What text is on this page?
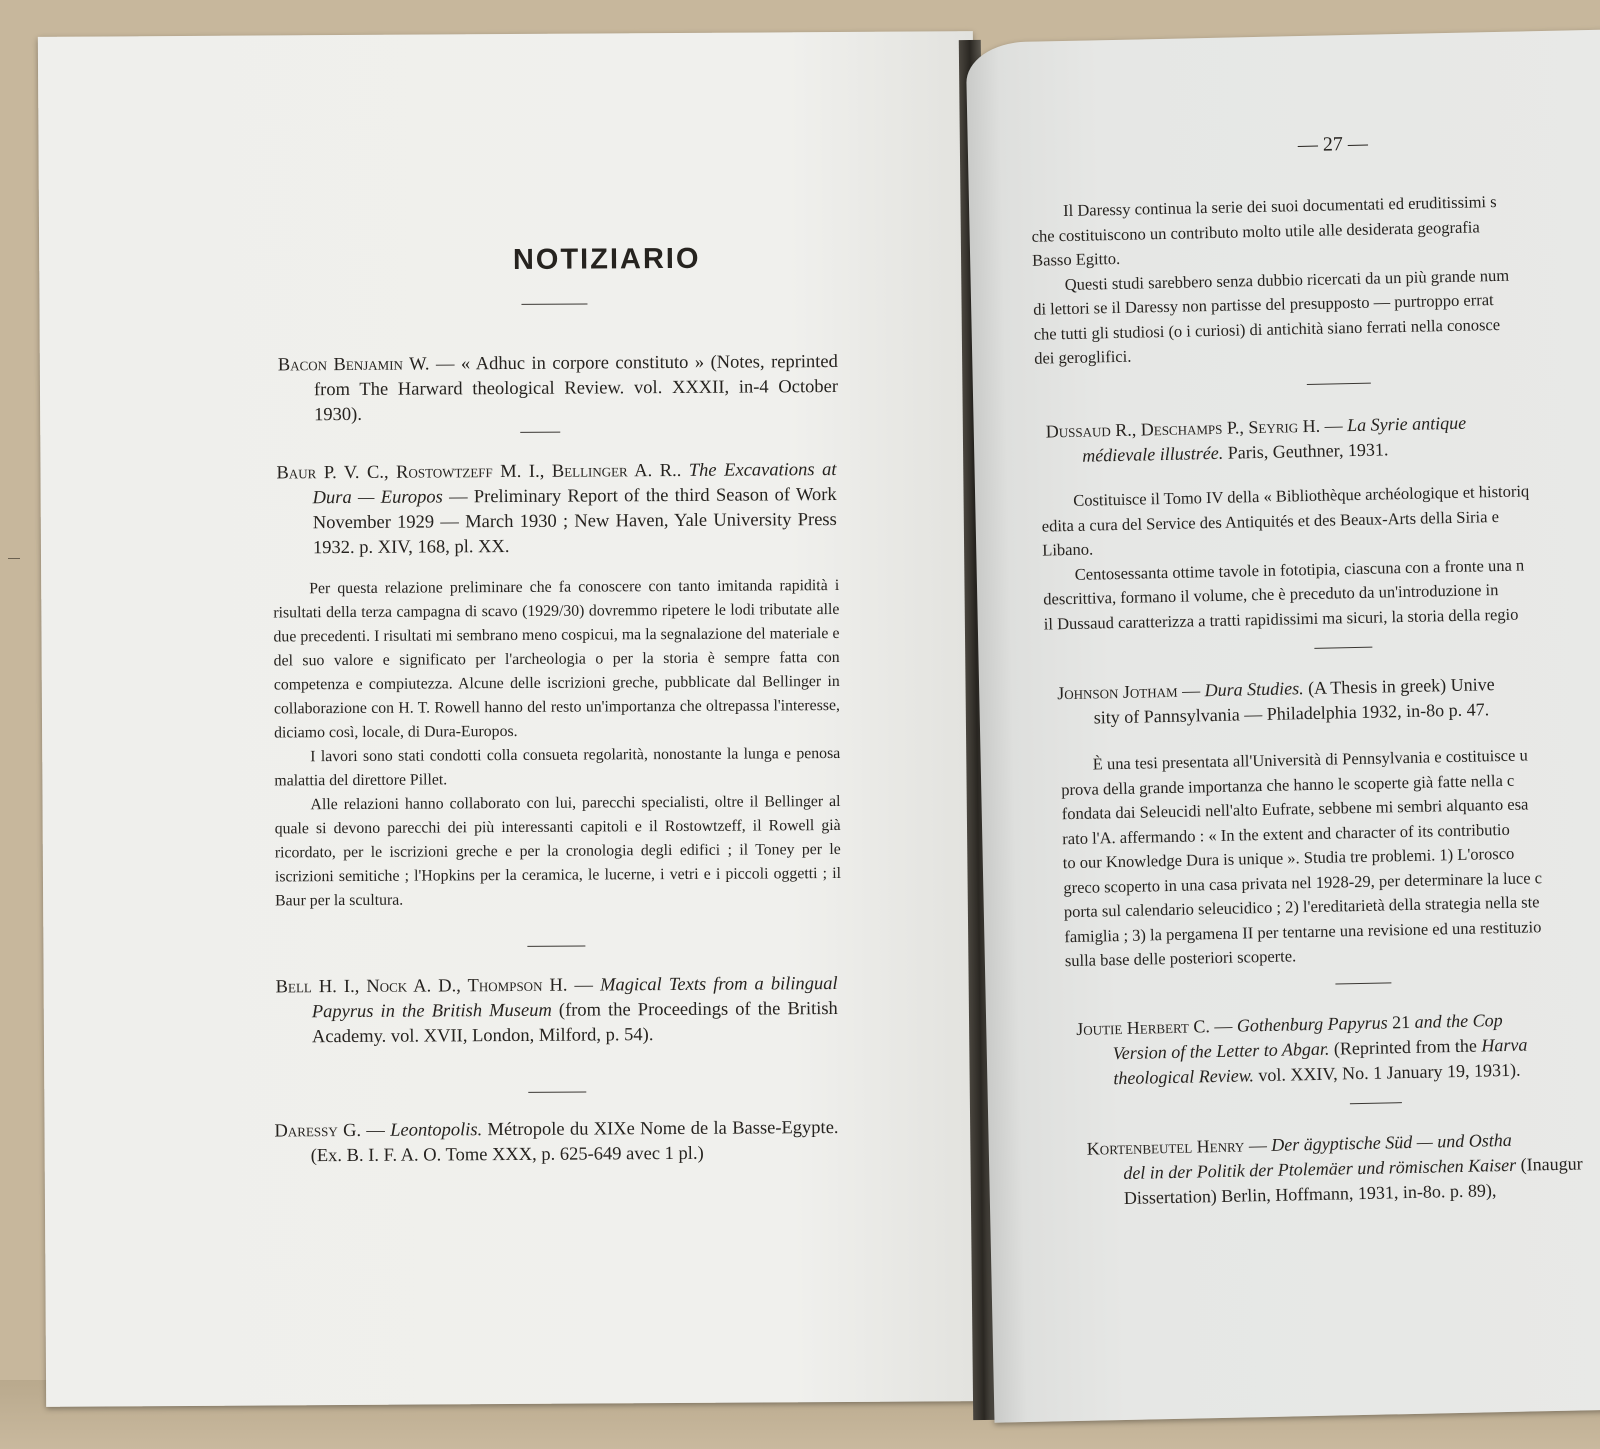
NOTIZIARIO
Bacon Benjamin W. — « Adhuc in corpore constituto » (Notes, reprinted from The Harward theological Review. vol. XXXII, in-4 October 1930).
Baur P. V. C., Rostowtzeff M. I., Bellinger A. R.. The Excavations at Dura — Europos — Preliminary Report of the third Season of Work November 1929 — March 1930 ; New Haven, Yale University Press 1932. p. XIV, 168, pl. XX.

Per questa relazione preliminare che fa conoscere con tanto imitanda rapidità i risultati della terza campagna di scavo (1929/30) dovremmo ripetere le lodi tributate alle due precedenti. I risultati mi sembrano meno cospicui, ma la segnalazione del materiale e del suo valore e significato per l'archeologia o per la storia è sempre fatta con competenza e compiutezza. Alcune delle iscrizioni greche, pubblicate dal Bellinger in collaborazione con H. T. Rowell hanno del resto un'importanza che oltrepassa l'interesse, diciamo così, locale, di Dura-Europos.

I lavori sono stati condotti colla consueta regolarità, nonostante la lunga e penosa malattia del direttore Pillet.

Alle relazioni hanno collaborato con lui, parecchi specialisti, oltre il Bellinger al quale si devono parecchi dei più interessanti capitoli e il Rostowtzeff, il Rowell già ricordato, per le iscrizioni greche e per la cronologia degli edifici ; il Toney per le iscrizioni semitiche ; l'Hopkins per la ceramica, le lucerne, i vetri e i piccoli oggetti ; il Baur per la scultura.

Bell H. I., Nock A. D., Thompson H. — Magical Texts from a bilingual Papyrus in the British Museum (from the Proceedings of the British Academy. vol. XVII, London, Milford, p. 54).
Daressy G. — Leontopolis. Métropole du XIXe Nome de la Basse-Egypte. (Ex. B. I. F. A. O. Tome XXX, p. 625-649 avec 1 pl.)
— 27 —

Il Daressy continua la serie dei suoi documentati ed eruditissimi s

che costituiscono un contributo molto utile alle desiderata geografia

Basso Egitto.

Questi studi sarebbero senza dubbio ricercati da un più grande num

di lettori se il Daressy non partisse del presupposto — purtroppo errat

che tutti gli studiosi (o i curiosi) di antichità siano ferrati nella conosce

dei geroglifici.

Dussaud R., Deschamps P., Seyrig H. — La Syrie antique
médievale illustrée. Paris, Geuthner, 1931.

Costituisce il Tomo IV della « Bibliothèque archéologique et historiq

edita a cura del Service des Antiquités et des Beaux-Arts della Siria e

Libano.

Centosessanta ottime tavole in fototipia, ciascuna con a fronte una n

descrittiva, formano il volume, che è preceduto da un'introduzione in

il Dussaud caratterizza a tratti rapidissimi ma sicuri, la storia della regio

Johnson Jotham — Dura Studies. (A Thesis in greek) Unive
sity of Pannsylvania — Philadelphia 1932, in-8o p. 47.

È una tesi presentata all'Università di Pennsylvania e costituisce u

prova della grande importanza che hanno le scoperte già fatte nella c

fondata dai Seleucidi nell'alto Eufrate, sebbene mi sembri alquanto esa

rato l'A. affermando : « In the extent and character of its contributio

to our Knowledge Dura is unique ». Studia tre problemi. 1) L'orosco

greco scoperto in una casa privata nel 1928-29, per determinare la luce c

porta sul calendario seleucidico ; 2) l'ereditarietà della strategia nella ste

famiglia ; 3) la pergamena II per tentarne una revisione ed una restituzio

sulla base delle posteriori scoperte.

Joutie Herbert C. — Gothenburg Papyrus 21 and the Cop
Version of the Letter to Abgar. (Reprinted from the Harva
theological Review. vol. XXIV, No. 1 January 19, 1931).
Kortenbeutel Henry — Der ägyptische Süd — und Ostha
del in der Politik der Ptolemäer und römischen Kaiser (Inaugur
Dissertation) Berlin, Hoffmann, 1931, in-8o. p. 89),
